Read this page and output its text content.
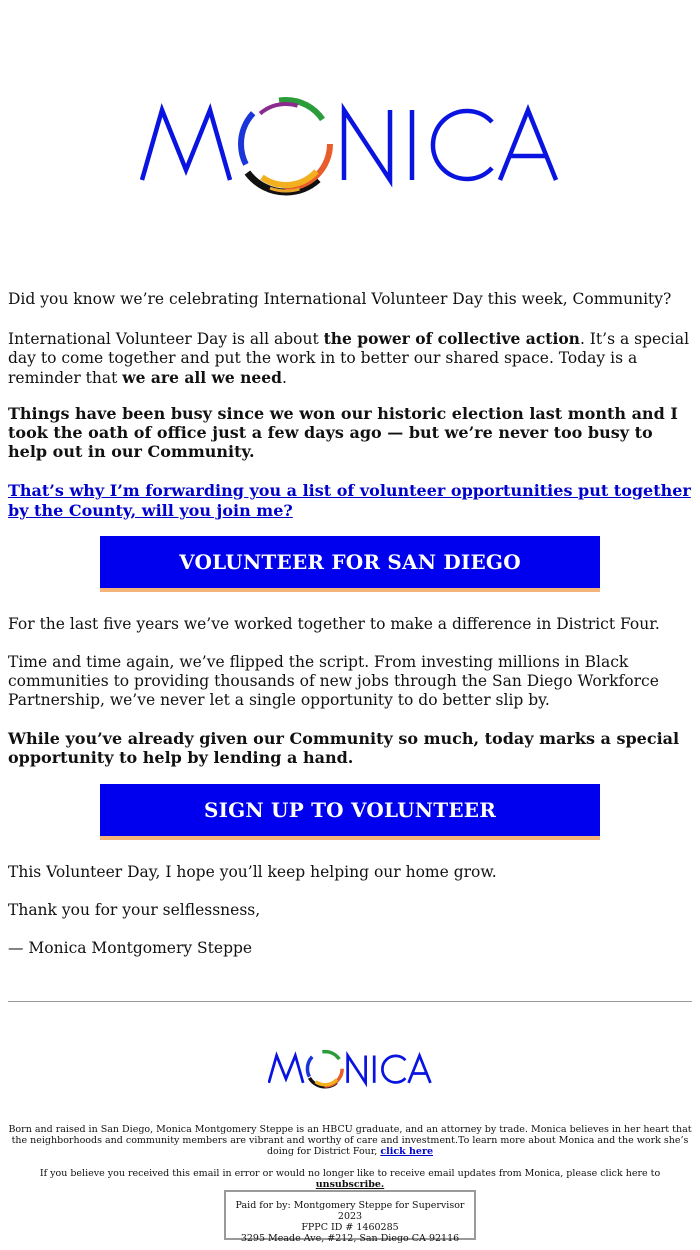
Did you know we’re celebrating International Volunteer Day this week, Community?

International Volunteer Day is all about the power of collective action. It’s a special day to come together and put the work in to better our shared space. Today is a reminder that we are all we need.

Things have been busy since we won our historic election last month and I took the oath of office just a few days ago — but we’re never too busy to help out in our Community.

That’s why I’m forwarding you a list of volunteer opportunities put together by the County, will you join me?

VOLUNTEER FOR SAN DIEGO

For the last five years we’ve worked together to make a difference in District Four.

Time and time again, we’ve flipped the script. From investing millions in Black communities to providing thousands of new jobs through the San Diego Workforce Partnership, we’ve never let a single opportunity to do better slip by.

While you’ve already given our Community so much, today marks a special opportunity to help by lending a hand.

SIGN UP TO VOLUNTEER

This Volunteer Day, I hope you’ll keep helping our home grow.

Thank you for your selflessness,

— Monica Montgomery Steppe

Born and raised in San Diego, Monica Montgomery Steppe is an HBCU graduate, and an attorney by trade. Monica believes in her heart that the neighborhoods and community members are vibrant and worthy of care and investment.To learn more about Monica and the work she’s doing for District Four, click here
If you believe you received this email in error or would no longer like to receive email updates from Monica, please click here to unsubscribe.
Paid for by: Montgomery Steppe for Supervisor 2023
FPPC ID # 1460285
3295 Meade Ave, #212, San Diego CA 92116
